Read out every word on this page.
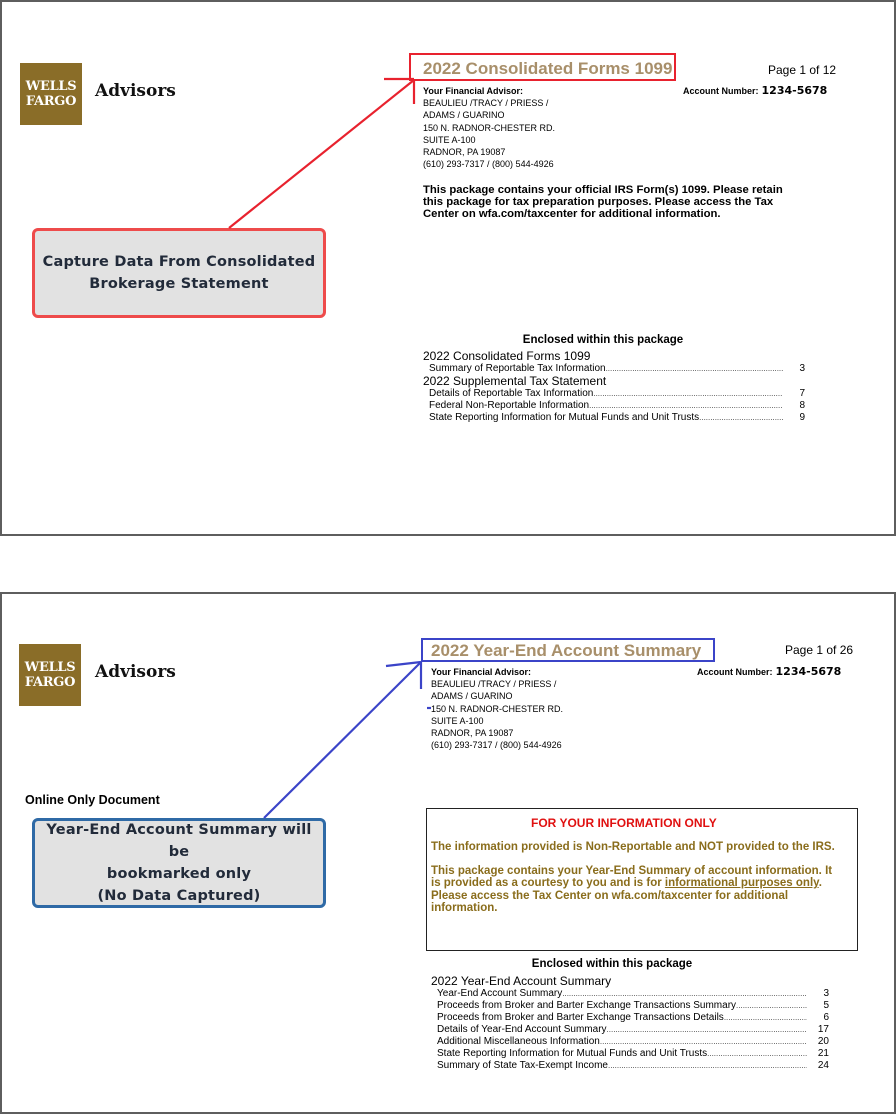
WELLS
FARGO
Advisors
2022 Consolidated Forms 1099	Page 1 of 12
Account Number: 1234-5678
Your Financial Advisor:
BEAULIEU /TRACY / PRIESS /
ADAMS / GUARINO
150 N. RADNOR-CHESTER RD.
SUITE A-100
RADNOR, PA 19087
(610) 293-7317 / (800) 544-4926
This package contains your official IRS Form(s) 1099. Please retain
this package for tax preparation purposes. Please access the Tax
Center on wfa.com/taxcenter for additional information.
Capture Data From Consolidated
Brokerage Statement
Enclosed within this package
2022 Consolidated Forms 1099
Summary of Reportable Tax Information .....	3
2022 Supplemental Tax Statement
Details of Reportable Tax Information .....	7
Federal Non-Reportable Information .....	8
State Reporting Information for Mutual Funds and Unit Trusts .....	9
WELLS
FARGO
Advisors
2022 Year-End Account Summary	Page 1 of 26
Account Number: 1234-5678
Your Financial Advisor:
BEAULIEU /TRACY / PRIESS /
ADAMS / GUARINO
150 N. RADNOR-CHESTER RD.
SUITE A-100
RADNOR, PA 19087
(610) 293-7317 / (800) 544-4926
Online Only Document
Year-End Account Summary will be
bookmarked only
(No Data Captured)
FOR YOUR INFORMATION ONLY
The information provided is Non-Reportable and NOT provided to the IRS.
This package contains your Year-End Summary of account information. It is provided as a courtesy to you and is for informational purposes only. Please access the Tax Center on wfa.com/taxcenter for additional information.
Enclosed within this package
2022 Year-End Account Summary
Year-End Account Summary .....	3
Proceeds from Broker and Barter Exchange Transactions Summary .....	5
Proceeds from Broker and Barter Exchange Transactions Details .....	6
Details of Year-End Account Summary .....	17
Additional Miscellaneous Information .....	20
State Reporting Information for Mutual Funds and Unit Trusts .....	21
Summary of State Tax-Exempt Income .....	24
